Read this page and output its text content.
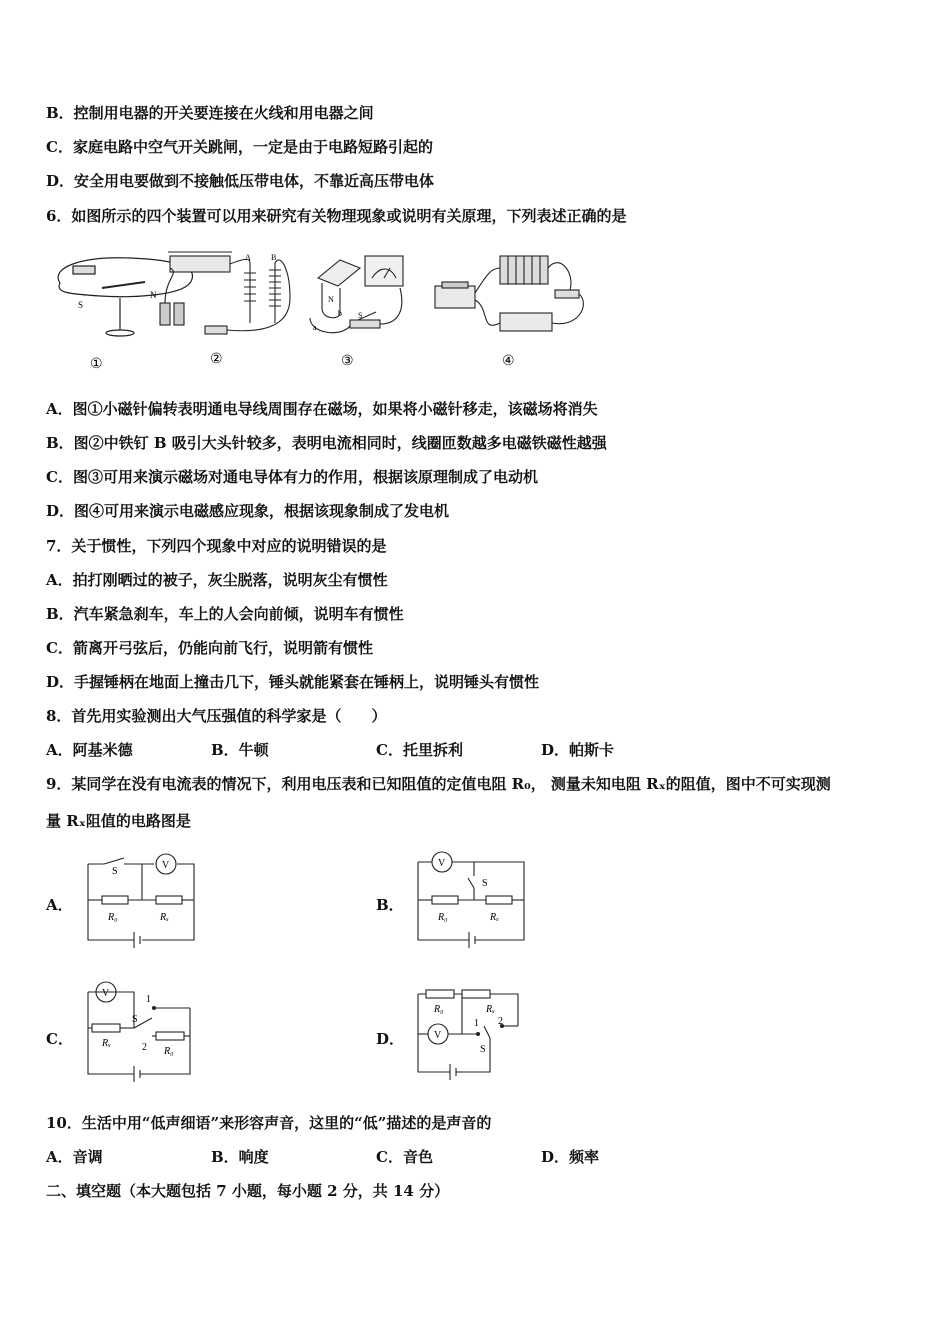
B．控制用电器的开关要连接在火线和用电器之间
C．家庭电路中空气开关跳闸，一定是由于电路短路引起的
D．安全用电要做到不接触低压带电体，不靠近高压带电体
6．如图所示的四个装置可以用来研究有关物理现象或说明有关原理，下列表述正确的是
S
N
①
A	B
②
N
a
b S
③	④
A．图①小磁针偏转表明通电导线周围存在磁场，如果将小磁针移走，该磁场将消失
B．图②中铁钉 B 吸引大头针较多，表明电流相同时，线圈匝数越多电磁铁磁性越强
C．图③可用来演示磁场对通电导体有力的作用，根据该原理制成了电动机
D．图④可用来演示电磁感应现象，根据该现象制成了发电机
7．关于惯性，下列四个现象中对应的说明错误的是
A．拍打刚晒过的被子，灰尘脱落，说明灰尘有惯性
B．汽车紧急刹车，车上的人会向前倾，说明车有惯性
C．箭离开弓弦后，仍能向前飞行，说明箭有惯性
D．手握锤柄在地面上撞击几下，锤头就能紧套在锤柄上，说明锤头有惯性
8．首先用实验测出大气压强值的科学家是（　　）
A．阿基米德	B．牛顿	C．托里拆利	D．帕斯卡
9．某同学在没有电流表的情况下，利用电压表和已知阻值的定值电阻 R₀， 测量未知电阻 Rₓ的阻值，图中不可实现测
量 Rₓ阻值的电路图是
A．	B．
C．	D．
S
V
R₀	Rₓ
V
S
R₀	Rₓ
V
1
S
2
Rₓ
R₀
V
R₀	Rₓ
1 2
S
10．生活中用“低声细语”来形容声音，这里的“低”描述的是声音的
A．音调	B．响度	C．音色	D．频率
二、填空题（本大题包括 7 小题，每小题 2 分，共 14 分）
